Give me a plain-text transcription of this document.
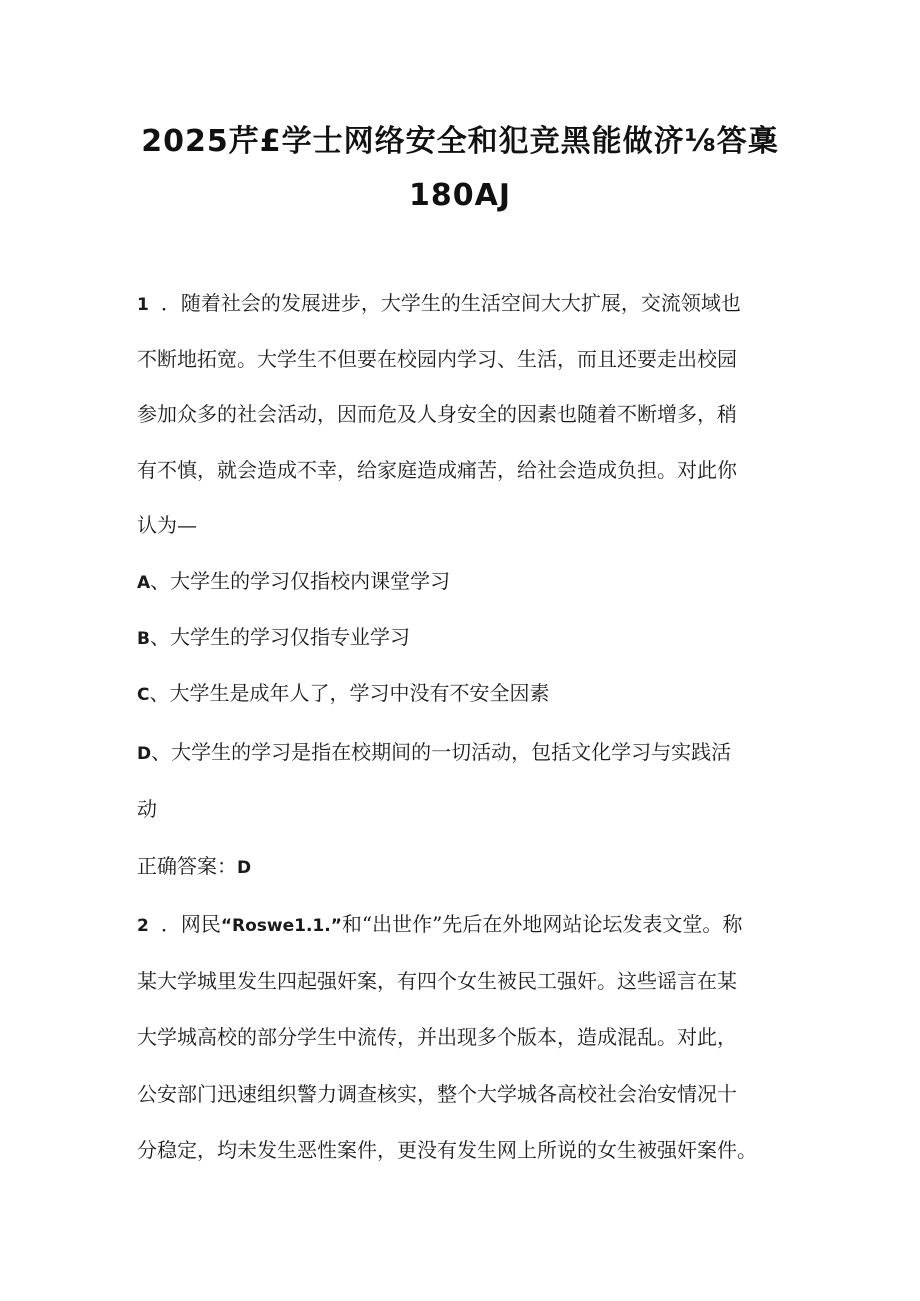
2025芹£学士网络安全和犯竞黑能做济⅛答稾
180AJ
1 ．随着社会的发展进步，大学生的生活空间大大扩展，交流领域也
不断地拓宽。大学生不但要在校园内学习、生活，而且还要走出校园
参加众多的社会活动，因而危及人身安全的因素也随着不断增多，稍
有不慎，就会造成不幸，给家庭造成痛苦，给社会造成负担。对此你
认为—
A、大学生的学习仅指校内课堂学习
B、大学生的学习仅指专业学习
C、大学生是成年人了，学习中没有不安全因素
D、大学生的学习是指在校期间的一切活动，包括文化学习与实践活
动
正确答案：D
2 ．网民“Roswe1.1.”和“出世作”先后在外地网站论坛发表文堂。称
某大学城里发生四起强奸案，有四个女生被民工强奸。这些谣言在某
大学城高校的部分学生中流传，并出现多个版本，造成混乱。对此，
公安部门迅速组织警力调查核实，整个大学城各高校社会治安情况十
分稳定，均未发生恶性案件，更没有发生网上所说的女生被强奸案件。
